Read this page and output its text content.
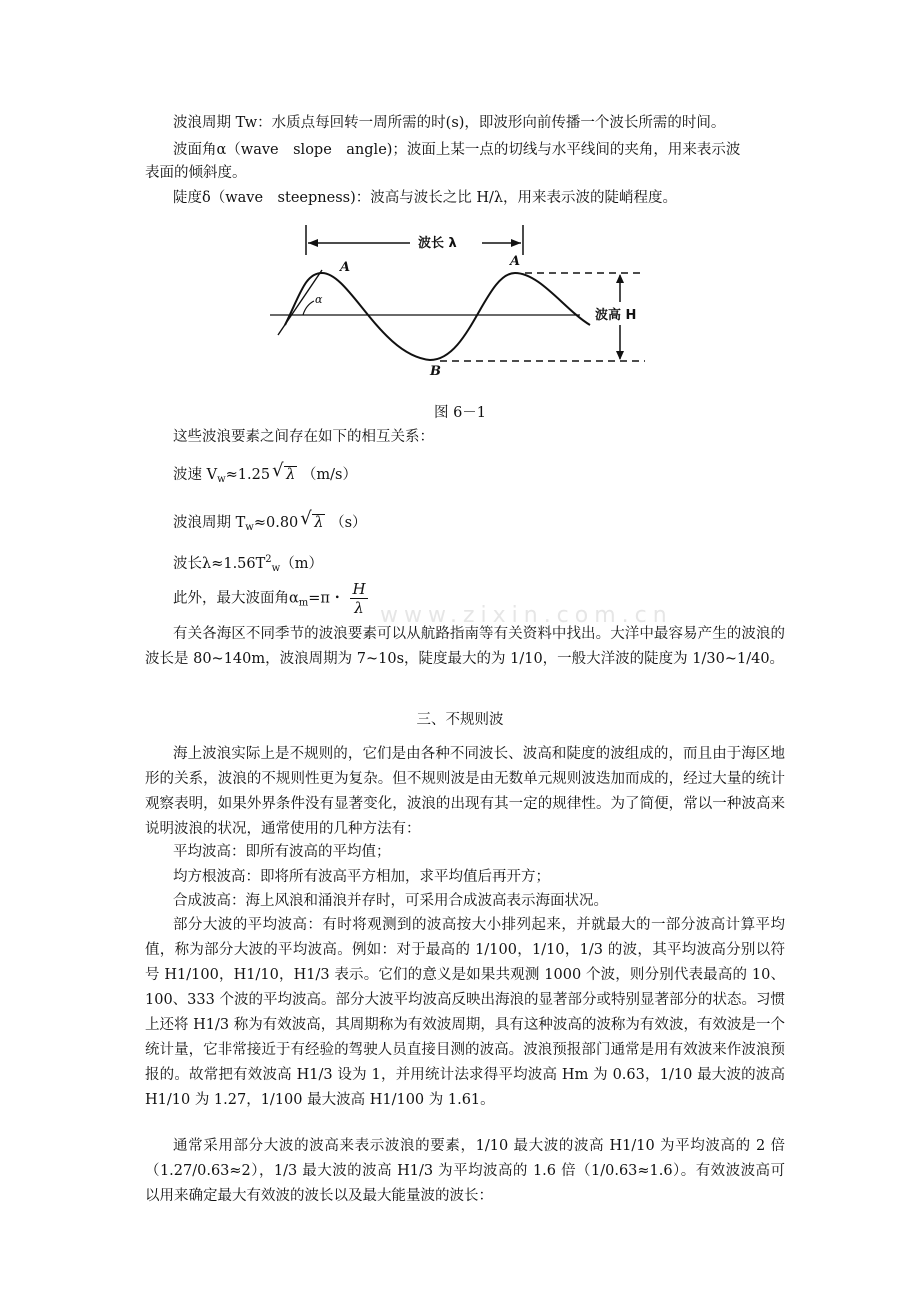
波浪周期 Tw：水质点每回转一周所需的时(s)，即波形向前传播一个波长所需的时间。
波面角α（wave　slope　angle)；波面上某一点的切线与水平线间的夹角，用来表示波
表面的倾斜度。
陡度δ（wave　steepness)：波高与波长之比 H/λ，用来表示波的陡峭程度。
波长 λ
α
A	A
B
波高 H
图 6－1
这些波浪要素之间存在如下的相互关系：
波速 $V_w\approx 1.25$ √ λ （m/s）
波浪周期 $T_w\approx 0.80$ √ λ （s）
波长$\lambda\approx 1.56T^2_w(m)$
此外，最大波面角$\alpha_m=\pi$・ $\frac{H}{\lambda}$ www.zixin.com.cn
有关各海区不同季节的波浪要素可以从航路指南等有关资料中找出。大洋中最容易产生的波浪的波长是 80~140m，波浪周期为 7~10s，陡度最大的为 1/10，一般大洋波的陡度为 1/30~1/40。
三、不规则波
海上波浪实际上是不规则的，它们是由各种不同波长、波高和陡度的波组成的，而且由于海区地形的关系，波浪的不规则性更为复杂。但不规则波是由无数单元规则波迭加而成的，经过大量的统计观察表明，如果外界条件没有显著变化，波浪的出现有其一定的规律性。为了简便，常以一种波高来说明波浪的状况，通常使用的几种方法有：
平均波高：即所有波高的平均值；
均方根波高：即将所有波高平方相加，求平均值后再开方；
合成波高：海上风浪和涌浪并存时，可采用合成波高表示海面状况。
部分大波的平均波高：有时将观测到的波高按大小排列起来，并就最大的一部分波高计算平均值，称为部分大波的平均波高。例如：对于最高的 1/100，1/10，1/3 的波，其平均波高分别以符号 H1/100，H1/10，H1/3 表示。它们的意义是如果共观测 1000 个波，则分别代表最高的 10、100、333 个波的平均波高。部分大波平均波高反映出海浪的显著部分或特别显著部分的状态。习惯上还将 H1/3 称为有效波高，其周期称为有效波周期，具有这种波高的波称为有效波，有效波是一个统计量，它非常接近于有经验的驾驶人员直接目测的波高。波浪预报部门通常是用有效波来作波浪预报的。故常把有效波高 H1/3 设为 1，并用统计法求得平均波高 Hm 为 0.63，1/10 最大波的波高 H1/10 为 1.27，1/100 最大波高 H1/100 为 1.61。
通常采用部分大波的波高来表示波浪的要素，1/10 最大波的波高 H1/10 为平均波高的 2 倍（1.27/0.63≈2），1/3 最大波的波高 H1/3 为平均波高的 1.6 倍（1/0.63≈1.6）。有效波波高可以用来确定最大有效波的波长以及最大能量波的波长：
